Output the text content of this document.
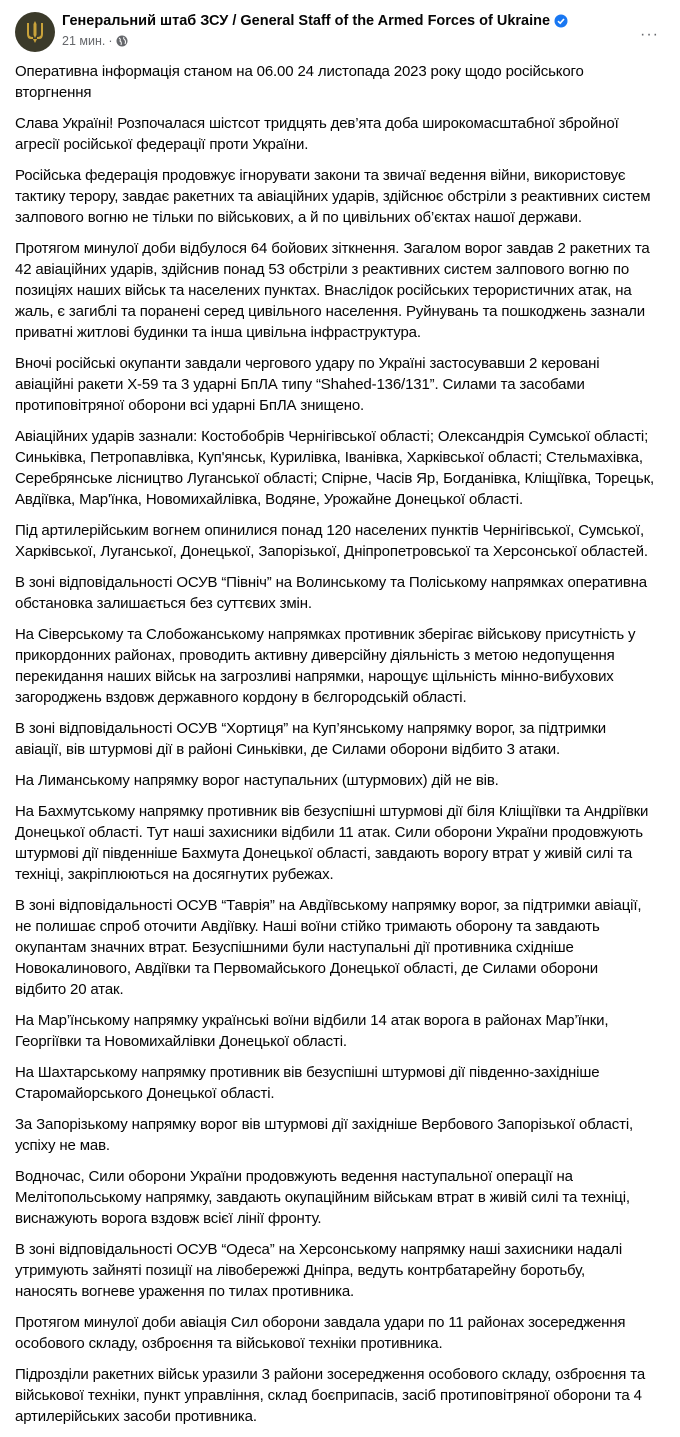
Генеральний штаб ЗСУ / General Staff of the Armed Forces of Ukraine
21 мин. ·	···
Оперативна інформація станом на 06.00 24 листопада 2023 року щодо російського
вторгнення
Слава Україні! Розпочалася шістсот тридцять дев’ята доба широкомасштабної збройної
агресії російської федерації проти України.
Російська федерація продовжує ігнорувати закони та звичаї ведення війни, використовує
тактику терору, завдає ракетних та авіаційних ударів, здійснює обстріли з реактивних систем
залпового вогню не тільки по військових, а й по цивільних об’єктах нашої держави.
Протягом минулої доби відбулося 64 бойових зіткнення. Загалом ворог завдав 2 ракетних та
42 авіаційних ударів, здійснив понад 53 обстріли з реактивних систем залпового вогню по
позиціях наших військ та населених пунктах. Внаслідок російських терористичних атак, на
жаль, є загиблі та поранені серед цивільного населення. Руйнувань та пошкоджень зазнали
приватні житлові будинки та інша цивільна інфраструктура.
Вночі російські окупанти завдали чергового удару по Україні застосувавши 2 керовані
авіаційні ракети Х-59 та 3 ударні БпЛА типу “Shahed-136/131”. Силами та засобами
протиповітряної оборони всі ударні БпЛА знищено.
Авіаційних ударів зазнали: Костобобрів Чернігівської області; Олександрія Сумської області;
Синьківка, Петропавлівка, Куп'янськ, Курилівка, Іванівка, Харківської області; Стельмахівка,
Серебрянське лісництво Луганської області; Спірне, Часів Яр, Богданівка, Кліщіївка, Торецьк,
Авдіївка, Мар'їнка, Новомихайлівка, Водяне, Урожайне Донецької області.
Під артилерійським вогнем опинилися понад 120 населених пунктів Чернігівської, Сумської,
Харківської, Луганської, Донецької, Запорізької, Дніпропетровської та Херсонської областей.
В зоні відповідальності ОСУВ “Північ” на Волинському та Поліському напрямках оперативна
обстановка залишається без суттєвих змін.
На Сіверському та Слобожанському напрямках противник зберігає військову присутність у
прикордонних районах, проводить активну диверсійну діяльність з метою недопущення
перекидання наших військ на загрозливі напрямки, нарощує щільність мінно-вибухових
загороджень вздовж державного кордону в бєлгородській області.
В зоні відповідальності ОСУВ “Хортиця” на Куп’янському напрямку ворог, за підтримки
авіації, вів штурмові дії в районі Синьківки, де Силами оборони відбито 3 атаки.
На Лиманському напрямку ворог наступальних (штурмових) дій не вів.
На Бахмутському напрямку противник вів безуспішні штурмові дії біля Кліщіївки та Андріївки
Донецької області. Тут наші захисники відбили 11 атак. Сили оборони України продовжують
штурмові дії південніше Бахмута Донецької області, завдають ворогу втрат у живій силі та
техніці, закріплюються на досягнутих рубежах.
В зоні відповідальності ОСУВ “Таврія” на Авдіївському напрямку ворог, за підтримки авіації,
не полишає спроб оточити Авдіївку. Наші воїни стійко тримають оборону та завдають
окупантам значних втрат. Безуспішними були наступальні дії противника східніше
Новокалинового, Авдіївки та Первомайського Донецької області, де Силами оборони
відбито 20 атак.
На Мар’їнському напрямку українські воїни відбили 14 атак ворога в районах Мар’їнки,
Георгіївки та Новомихайлівки Донецької області.
На Шахтарському напрямку противник вів безуспішні штурмові дії південно-західніше
Старомайорського Донецької області.
За Запорізькому напрямку ворог вів штурмові дії західніше Вербового Запорізької області,
успіху не мав.
Водночас, Сили оборони України продовжують ведення наступальної операції на
Мелітопольському напрямку, завдають окупаційним військам втрат в живій силі та техніці,
виснажують ворога вздовж всієї лінії фронту.
В зоні відповідальності ОСУВ “Одеса” на Херсонському напрямку наші захисники надалі
утримують зайняті позиції на лівобережжі Дніпра, ведуть контрбатарейну боротьбу,
наносять вогневе ураження по тилах противника.
Протягом минулої доби авіація Сил оборони завдала удари по 11 районах зосередження
особового складу, озброєння та військової техніки противника.
Підрозділи ракетних військ уразили 3 райони зосередження особового складу, озброєння та
військової техніки, пункт управління, склад боєприпасів, засіб протиповітряної оборони та 4
артилерійських засоби противника.
